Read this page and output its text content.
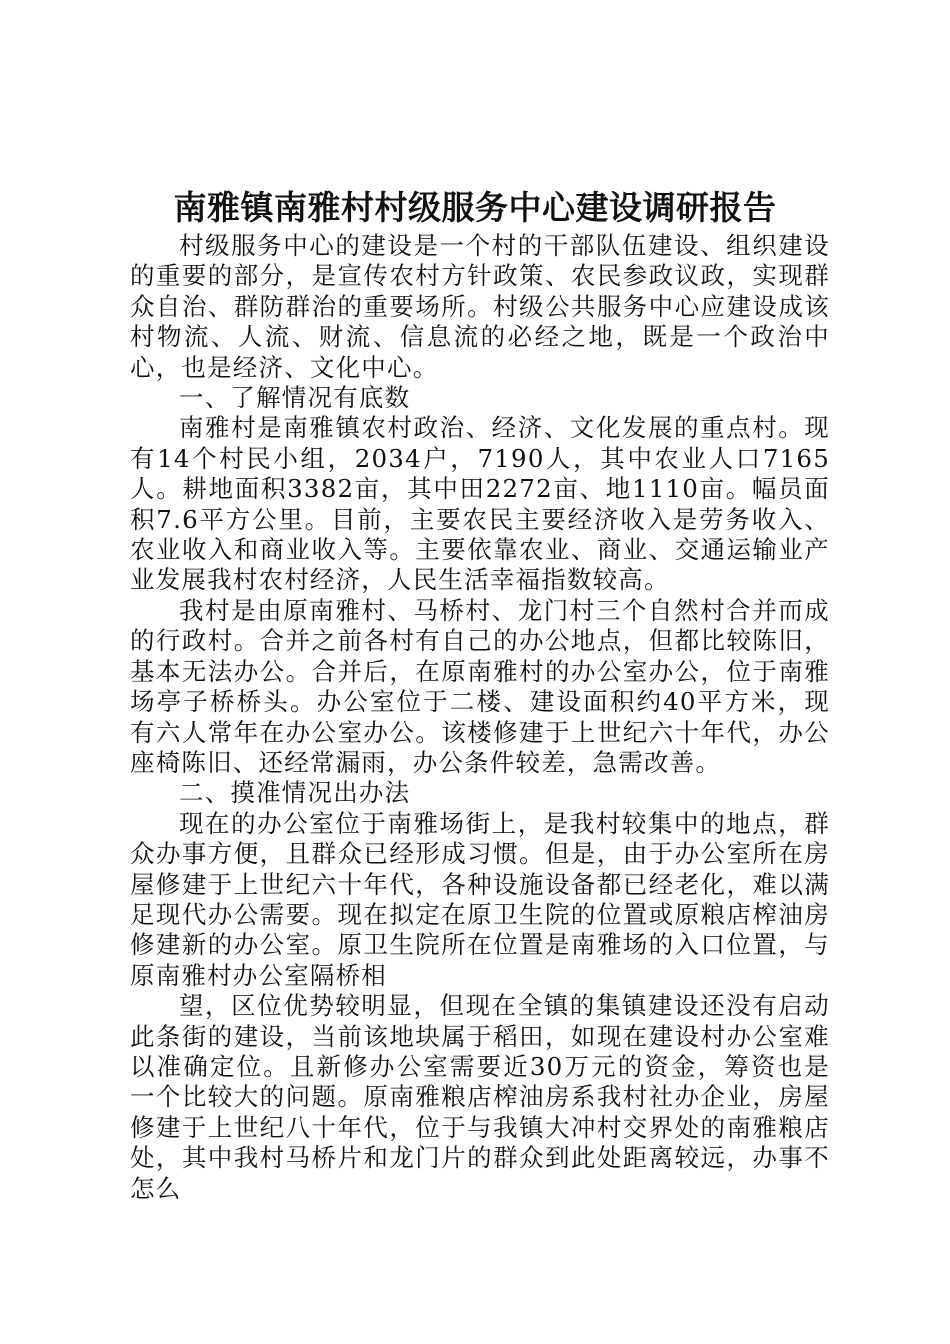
南雅镇南雅村村级服务中心建设调研报告

村级服务中心的建设是一个村的干部队伍建设、组织建设的重要的部分，是宣传农村方针政策、农民参政议政，实现群众自治、群防群治的重要场所。村级公共服务中心应建设成该村物流、人流、财流、信息流的必经之地，既是一个政治中心，也是经济、文化中心。

一、了解情况有底数

南雅村是南雅镇农村政治、经济、文化发展的重点村。现有14个村民小组，2034户，7190人，其中农业人口7165人。耕地面积3382亩，其中田2272亩、地1110亩。幅员面积7.6平方公里。目前，主要农民主要经济收入是劳务收入、农业收入和商业收入等。主要依靠农业、商业、交通运输业产业发展我村农村经济，人民生活幸福指数较高。

我村是由原南雅村、马桥村、龙门村三个自然村合并而成的行政村。合并之前各村有自己的办公地点，但都比较陈旧，基本无法办公。合并后，在原南雅村的办公室办公，位于南雅场亭子桥桥头。办公室位于二楼、建设面积约40平方米，现有六人常年在办公室办公。该楼修建于上世纪六十年代，办公座椅陈旧、还经常漏雨，办公条件较差，急需改善。

二、摸准情况出办法

现在的办公室位于南雅场街上，是我村较集中的地点，群众办事方便，且群众已经形成习惯。但是，由于办公室所在房屋修建于上世纪六十年代，各种设施设备都已经老化，难以满足现代办公需要。现在拟定在原卫生院的位置或原粮店榨油房修建新的办公室。原卫生院所在位置是南雅场的入口位置，与原南雅村办公室隔桥相

望，区位优势较明显，但现在全镇的集镇建设还没有启动此条街的建设，当前该地块属于稻田，如现在建设村办公室难以准确定位。且新修办公室需要近30万元的资金，筹资也是一个比较大的问题。原南雅粮店榨油房系我村社办企业，房屋修建于上世纪八十年代，位于与我镇大冲村交界处的南雅粮店处，其中我村马桥片和龙门片的群众到此处距离较远，办事不怎么
